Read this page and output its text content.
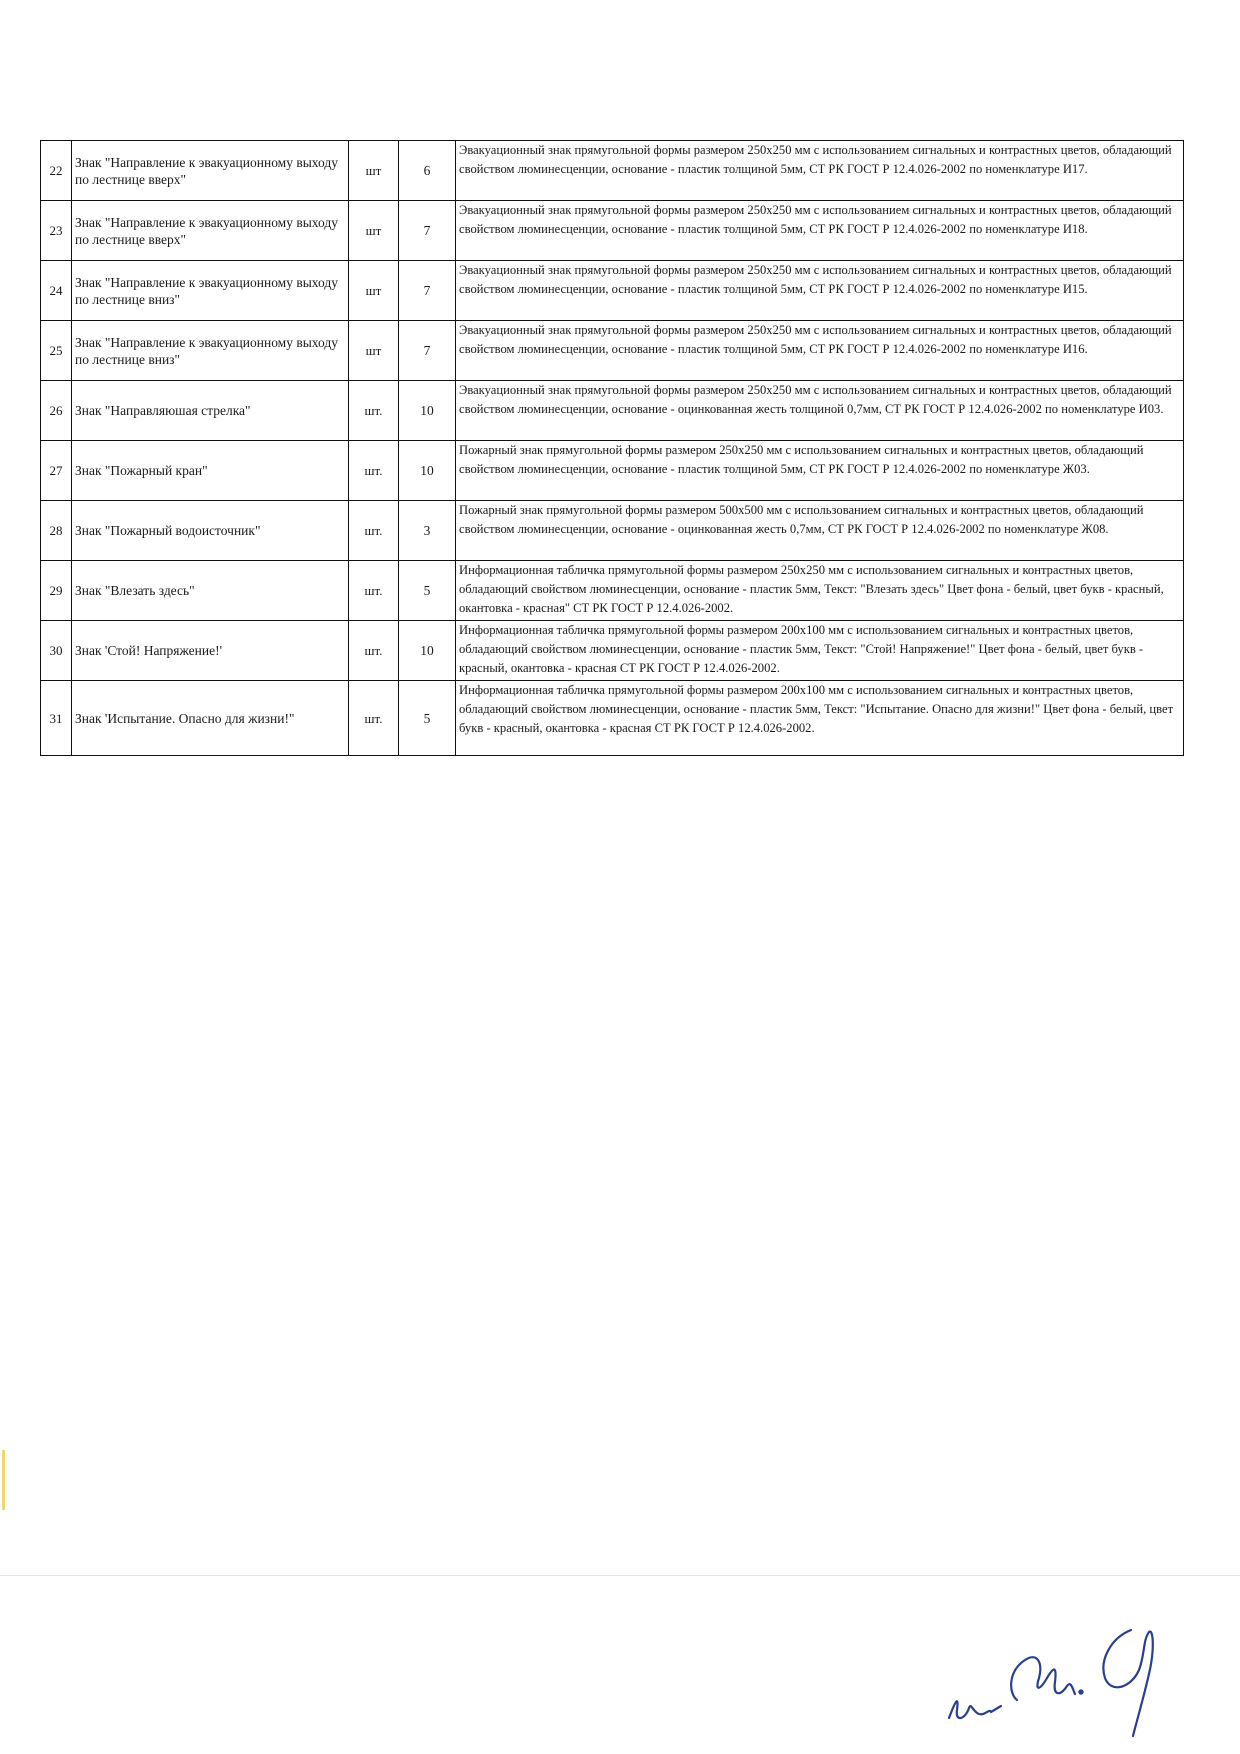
22	Знак "Направление к эвакуационному выходу по лестнице вверх"	шт	6	Эвакуационный знак прямугольной формы размером 250х250 мм с использованием сигнальных и контрастных цветов, обладающий свойством люминесценции, основание - пластик толщиной 5мм, СТ РК ГОСТ Р 12.4.026-2002 по номенклатуре И17.
23	Знак "Направление к эвакуационному выходу по лестнице вверх"	шт	7	Эвакуационный знак прямугольной формы размером 250х250 мм с использованием сигнальных и контрастных цветов, обладающий свойством люминесценции, основание - пластик толщиной 5мм, СТ РК ГОСТ Р 12.4.026-2002 по номенклатуре И18.
24	Знак "Направление к эвакуационному выходу по лестнице вниз"	шт	7	Эвакуационный знак прямугольной формы размером 250х250 мм с использованием сигнальных и контрастных цветов, обладающий свойством люминесценции, основание - пластик толщиной 5мм, СТ РК ГОСТ Р 12.4.026-2002 по номенклатуре И15.
25	Знак "Направление к эвакуационному выходу по лестнице вниз"	шт	7	Эвакуационный знак прямугольной формы размером 250х250 мм с использованием сигнальных и контрастных цветов, обладающий свойством люминесценции, основание - пластик толщиной 5мм, СТ РК ГОСТ Р 12.4.026-2002 по номенклатуре И16.
26	Знак "Направляюшая стрелка"	шт.	10	Эвакуационный знак прямугольной формы размером 250х250 мм с использованием сигнальных и контрастных цветов, обладающий свойством люминесценции, основание - оцинкованная жесть толщиной 0,7мм, СТ РК ГОСТ Р 12.4.026-2002 по номенклатуре И03.
27	Знак "Пожарный кран"	шт.	10	Пожарный знак прямугольной формы размером 250х250 мм с использованием сигнальных и контрастных цветов, обладающий свойством люминесценции, основание - пластик толщиной 5мм, СТ РК ГОСТ Р 12.4.026-2002 по номенклатуре Ж03.
28	Знак "Пожарный водоисточник"	шт.	3	Пожарный знак прямугольной формы размером 500х500 мм с использованием сигнальных и контрастных цветов, обладающий свойством люминесценции, основание - оцинкованная жесть 0,7мм, СТ РК ГОСТ Р 12.4.026-2002 по номенклатуре Ж08.
29	Знак "Влезать здесь"	шт.	5	Информационная табличка прямугольной формы размером 250х250 мм с использованием сигнальных и контрастных цветов, обладающий свойством люминесценции, основание - пластик 5мм, Текст: "Влезать здесь" Цвет фона - белый, цвет букв - красный, окантовка - красная" СТ РК ГОСТ Р 12.4.026-2002.
30	Знак 'Стой! Напряжение!'	шт.	10	Информационная табличка прямугольной формы размером 200х100 мм с использованием сигнальных и контрастных цветов, обладающий свойством люминесценции, основание - пластик 5мм, Текст: "Стой! Напряжение!" Цвет фона - белый, цвет букв - красный, окантовка - красная СТ РК ГОСТ Р 12.4.026-2002.
31	Знак 'Испытание. Опасно для жизни!"	шт.	5	Информационная табличка прямугольной формы размером 200х100 мм с использованием сигнальных и контрастных цветов, обладающий свойством люминесценции, основание - пластик 5мм, Текст: "Испытание. Опасно для жизни!" Цвет фона - белый, цвет букв - красный, окантовка - красная СТ РК ГОСТ Р 12.4.026-2002.
